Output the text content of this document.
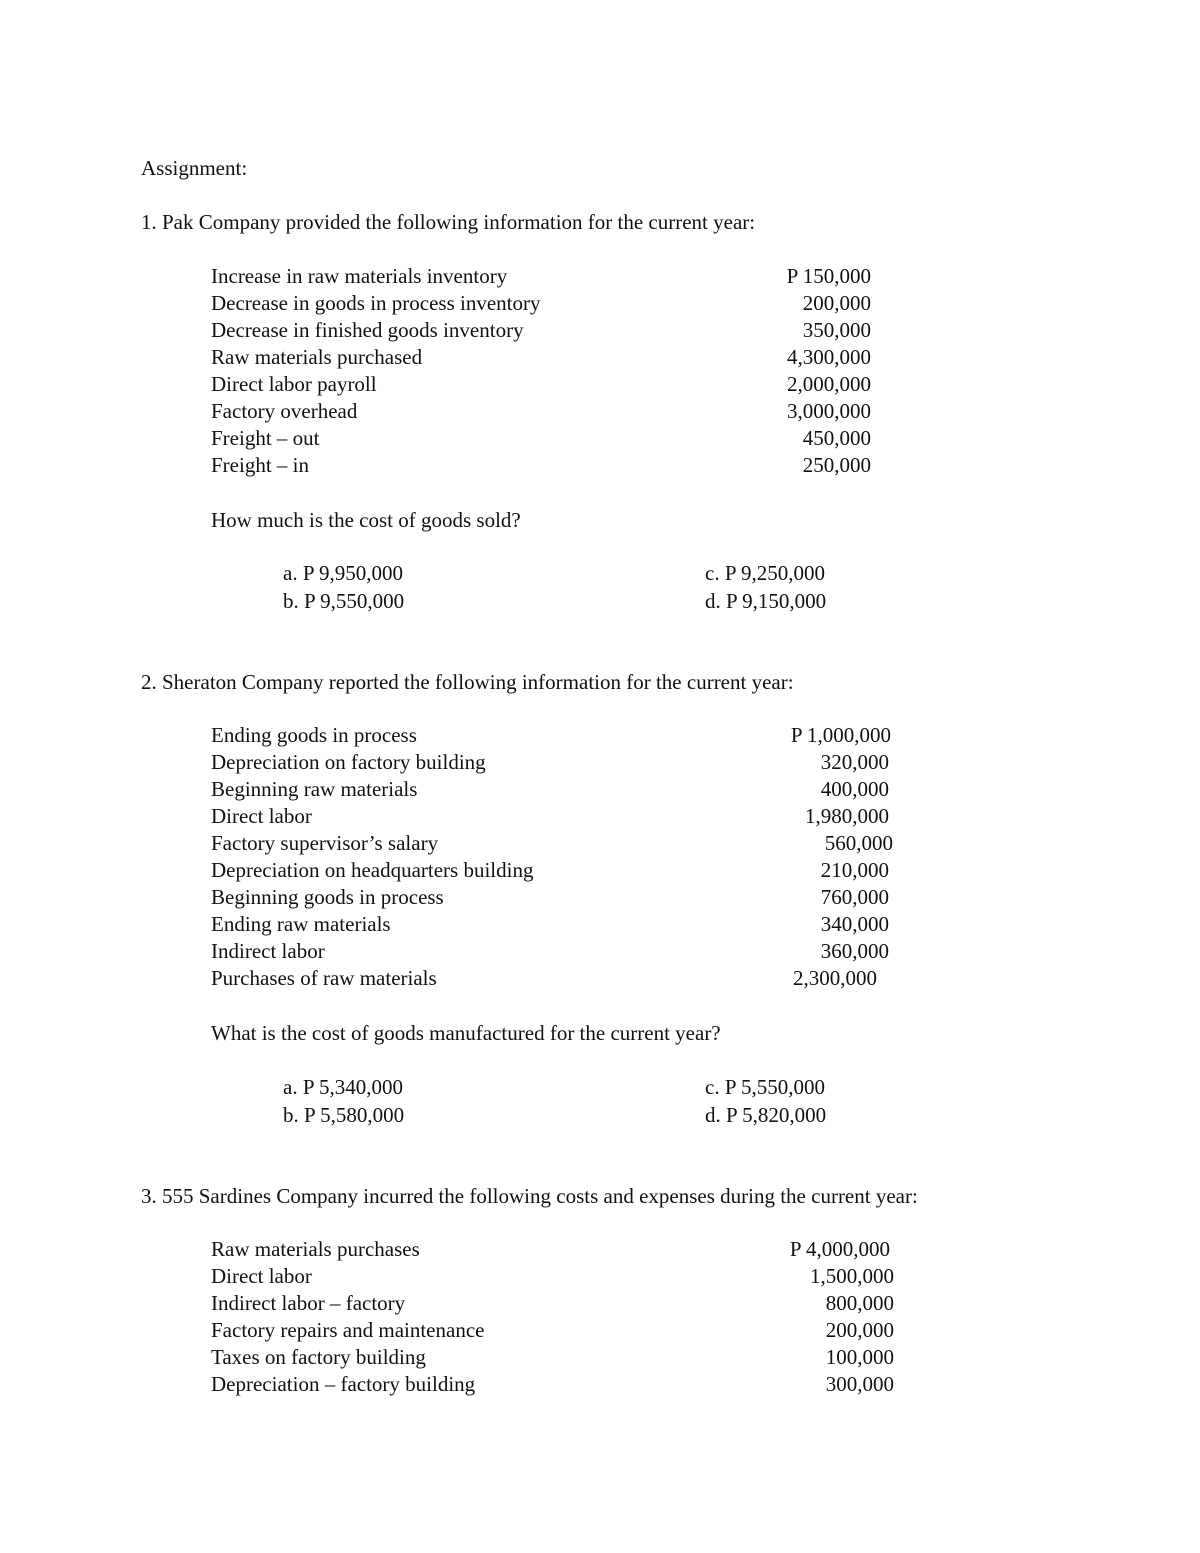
Assignment:
1. Pak Company provided the following information for the current year:
Increase in raw materials inventory	P 150,000
Decrease in goods in process inventory	200,000
Decrease in finished goods inventory	350,000
Raw materials purchased	4,300,000
Direct labor payroll	2,000,000
Factory overhead	3,000,000
Freight – out	450,000
Freight – in	250,000
How much is the cost of goods sold?
a. P 9,950,000
b. P 9,550,000
c. P 9,250,000
d. P 9,150,000
2. Sheraton Company reported the following information for the current year:
Ending goods in process	P 1,000,000
Depreciation on factory building	320,000
Beginning raw materials	400,000
Direct labor	1,980,000
Factory supervisor’s salary	560,000
Depreciation on headquarters building	210,000
Beginning goods in process	760,000
Ending raw materials	340,000
Indirect labor	360,000
Purchases of raw materials	2,300,000
What is the cost of goods manufactured for the current year?
a. P 5,340,000
b. P 5,580,000
c. P 5,550,000
d. P 5,820,000
3. 555 Sardines Company incurred the following costs and expenses during the current year:
Raw materials purchases	P 4,000,000
Direct labor	1,500,000
Indirect labor – factory	800,000
Factory repairs and maintenance	200,000
Taxes on factory building	100,000
Depreciation – factory building	300,000
